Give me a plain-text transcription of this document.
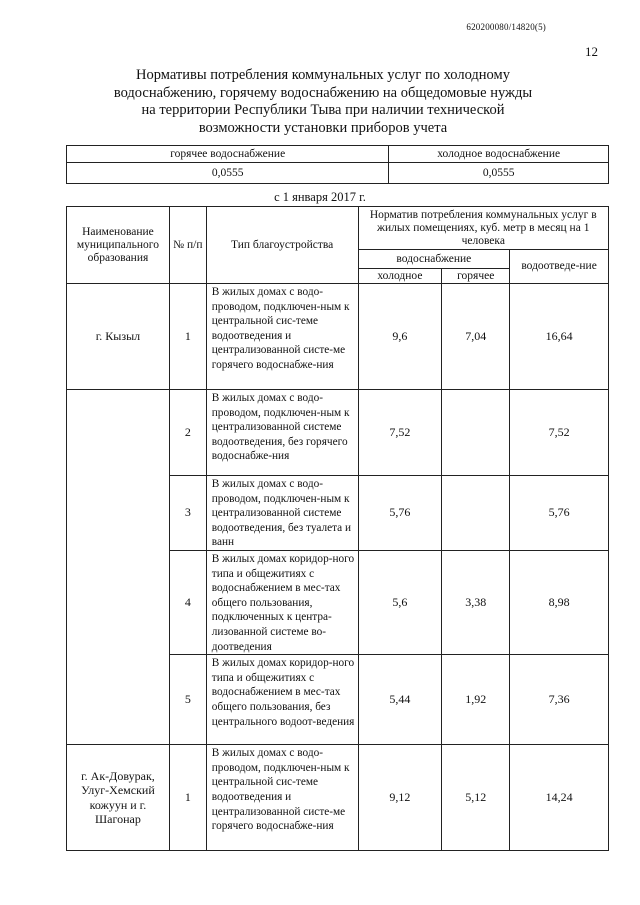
620200080/14820(5)
12
Нормативы потребления коммунальных услуг по холодному
водоснабжению, горячему водоснабжению на общедомовые нужды
на территории Республики Тыва при наличии технической
возможности установки приборов учета
горячее водоснабжение	холодное водоснабжение
0,0555	0,0555
с 1 января 2017 г.
Наименование муниципального образования	№ п/п	Тип благоустройства	Норматив потребления коммунальных услуг в жилых помещениях, куб. метр в месяц на 1 человека		
			водоснабжение		водоотведе-ние
			холодное	горячее	
г. Кызыл	1	В жилых домах с водо-проводом, подключен-ным к центральной сис-теме водоотведения и централизованной систе-ме горячего водоснабже-ния	9,6	7,04	16,64
	2	В жилых домах с водо-проводом, подключен-ным к централизованной системе водоотведения, без горячего водоснабже-ния	7,52		7,52
	3	В жилых домах с водо-проводом, подключен-ным к централизованной системе водоотведения, без туалета и ванн	5,76		5,76
	4	В жилых домах коридор-ного типа и общежитиях с водоснабжением в мес-тах общего пользования, подключенных к центра-лизованной системе во-доотведения	5,6	3,38	8,98
	5	В жилых домах коридор-ного типа и общежитиях с водоснабжением в мес-тах общего пользования, без центрального водоот-ведения	5,44	1,92	7,36
г. Ак-Довурак, Улуг-Хемский кожуун и г. Шагонар	1	В жилых домах с водо-проводом, подключен-ным к центральной сис-теме водоотведения и централизованной систе-ме горячего водоснабже-ния	9,12	5,12	14,24
